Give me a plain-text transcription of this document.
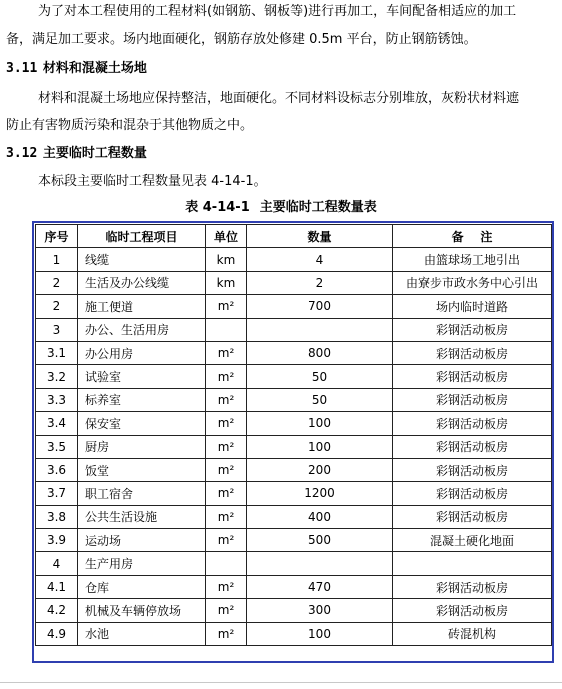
为了对本工程使用的工程材料(如钢筋、钢板等)进行再加工，车间配备相适应的加工
备，满足加工要求。场内地面硬化，钢筋存放处修建 0.5m 平台，防止钢筋锈蚀。
3.11 材料和混凝土场地
材料和混凝土场地应保持整洁，地面硬化。不同材料设标志分别堆放，灰粉状材料遮
防止有害物质污染和混杂于其他物质之中。
3.12 主要临时工程数量
本标段主要临时工程数量见表 4-14-1。
表 4-14-1 主要临时工程数量表
序号	临时工程项目	单位	数量	备    注
1	线缆	km	4	由篮球场工地引出
2	生活及办公线缆	km	2	由寮步市政水务中心引出
2	施工便道	m²	700	场内临时道路
3	办公、生活用房			彩钢活动板房
3.1	办公用房	m²	800	彩钢活动板房
3.2	试验室	m²	50	彩钢活动板房
3.3	标养室	m²	50	彩钢活动板房
3.4	保安室	m²	100	彩钢活动板房
3.5	厨房	m²	100	彩钢活动板房
3.6	饭堂	m²	200	彩钢活动板房
3.7	职工宿舍	m²	1200	彩钢活动板房
3.8	公共生活设施	m²	400	彩钢活动板房
3.9	运动场	m²	500	混凝土硬化地面
4	生产用房			
4.1	仓库	m²	470	彩钢活动板房
4.2	机械及车辆停放场	m²	300	彩钢活动板房
4.9	水池	m²	100	砖混机构
